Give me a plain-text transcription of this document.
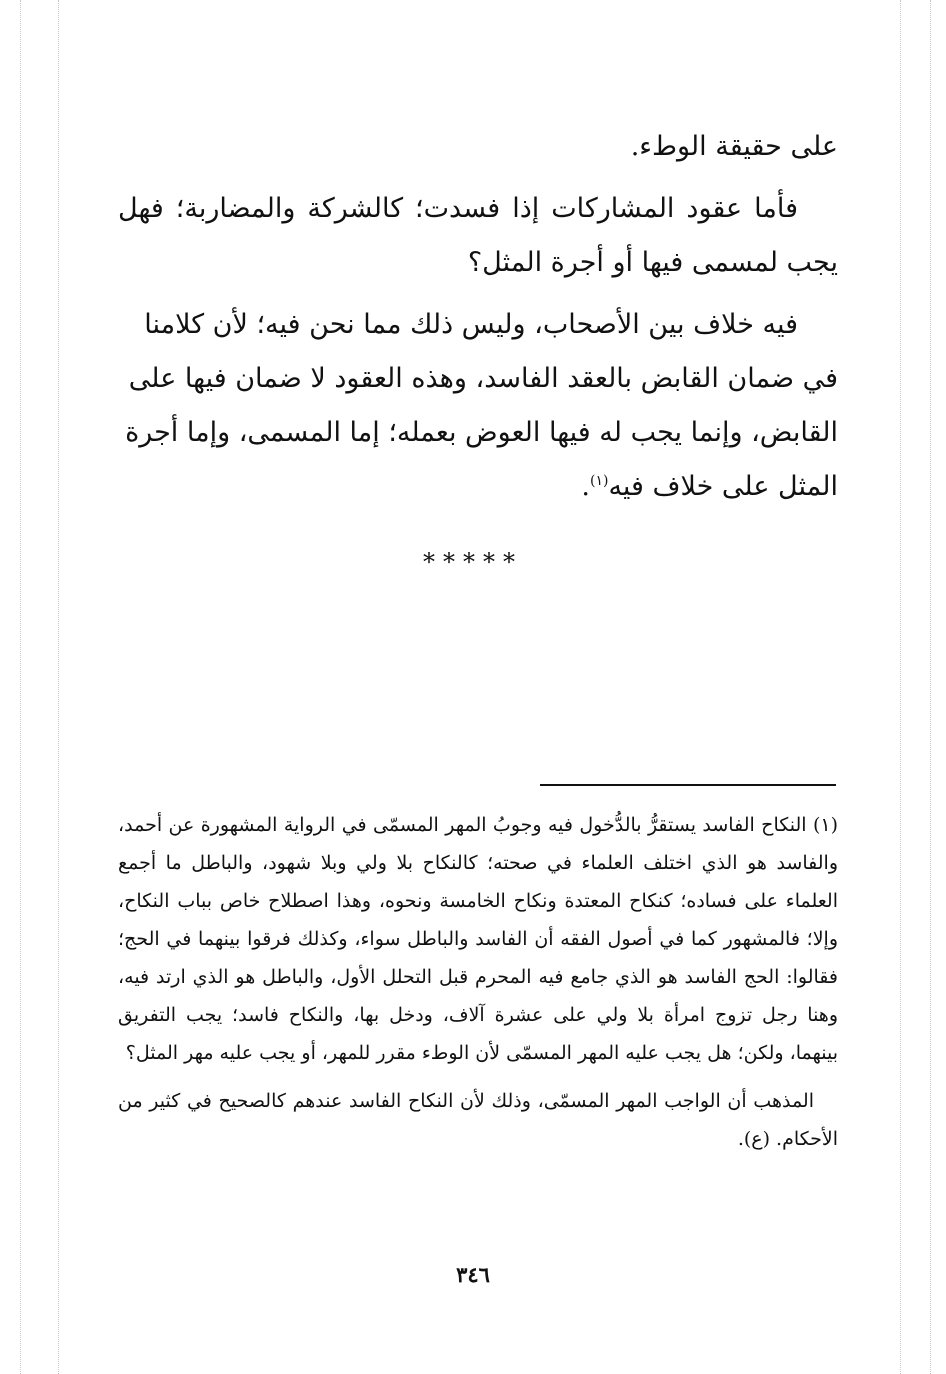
على حقيقة الوطء.

فأما عقود المشاركات إذا فسدت؛ كالشركة والمضاربة؛ فهل يجب لمسمى فيها أو أجرة المثل؟

فيه خلاف بين الأصحاب، وليس ذلك مما نحن فيه؛ لأن كلامنا في ضمان القابض بالعقد الفاسد، وهذه العقود لا ضمان فيها على القابض، وإنما يجب له فيها العوض بعمله؛ إما المسمى، وإما أجرة المثل على خلاف فيه$^{(١)}$.

*****

(١) النكاح الفاسد يستقرُّ بالدُّخول فيه وجوبُ المهر المسمّى في الرواية المشهورة عن أحمد، والفاسد هو الذي اختلف العلماء في صحته؛ كالنكاح بلا ولي وبلا شهود، والباطل ما أجمع العلماء على فساده؛ كنكاح المعتدة ونكاح الخامسة ونحوه، وهذا اصطلاح خاص بباب النكاح، وإلا؛ فالمشهور كما في أصول الفقه أن الفاسد والباطل سواء، وكذلك فرقوا بينهما في الحج؛ فقالوا: الحج الفاسد هو الذي جامع فيه المحرم قبل التحلل الأول، والباطل هو الذي ارتد فيه، وهنا رجل تزوج امرأة بلا ولي على عشرة آلاف، ودخل بها، والنكاح فاسد؛ يجب التفريق بينهما، ولكن؛ هل يجب عليه المهر المسمّى لأن الوطء مقرر للمهر، أو يجب عليه مهر المثل؟

المذهب أن الواجب المهر المسمّى، وذلك لأن النكاح الفاسد عندهم كالصحيح في كثير من الأحكام. (ع).

٣٤٦
